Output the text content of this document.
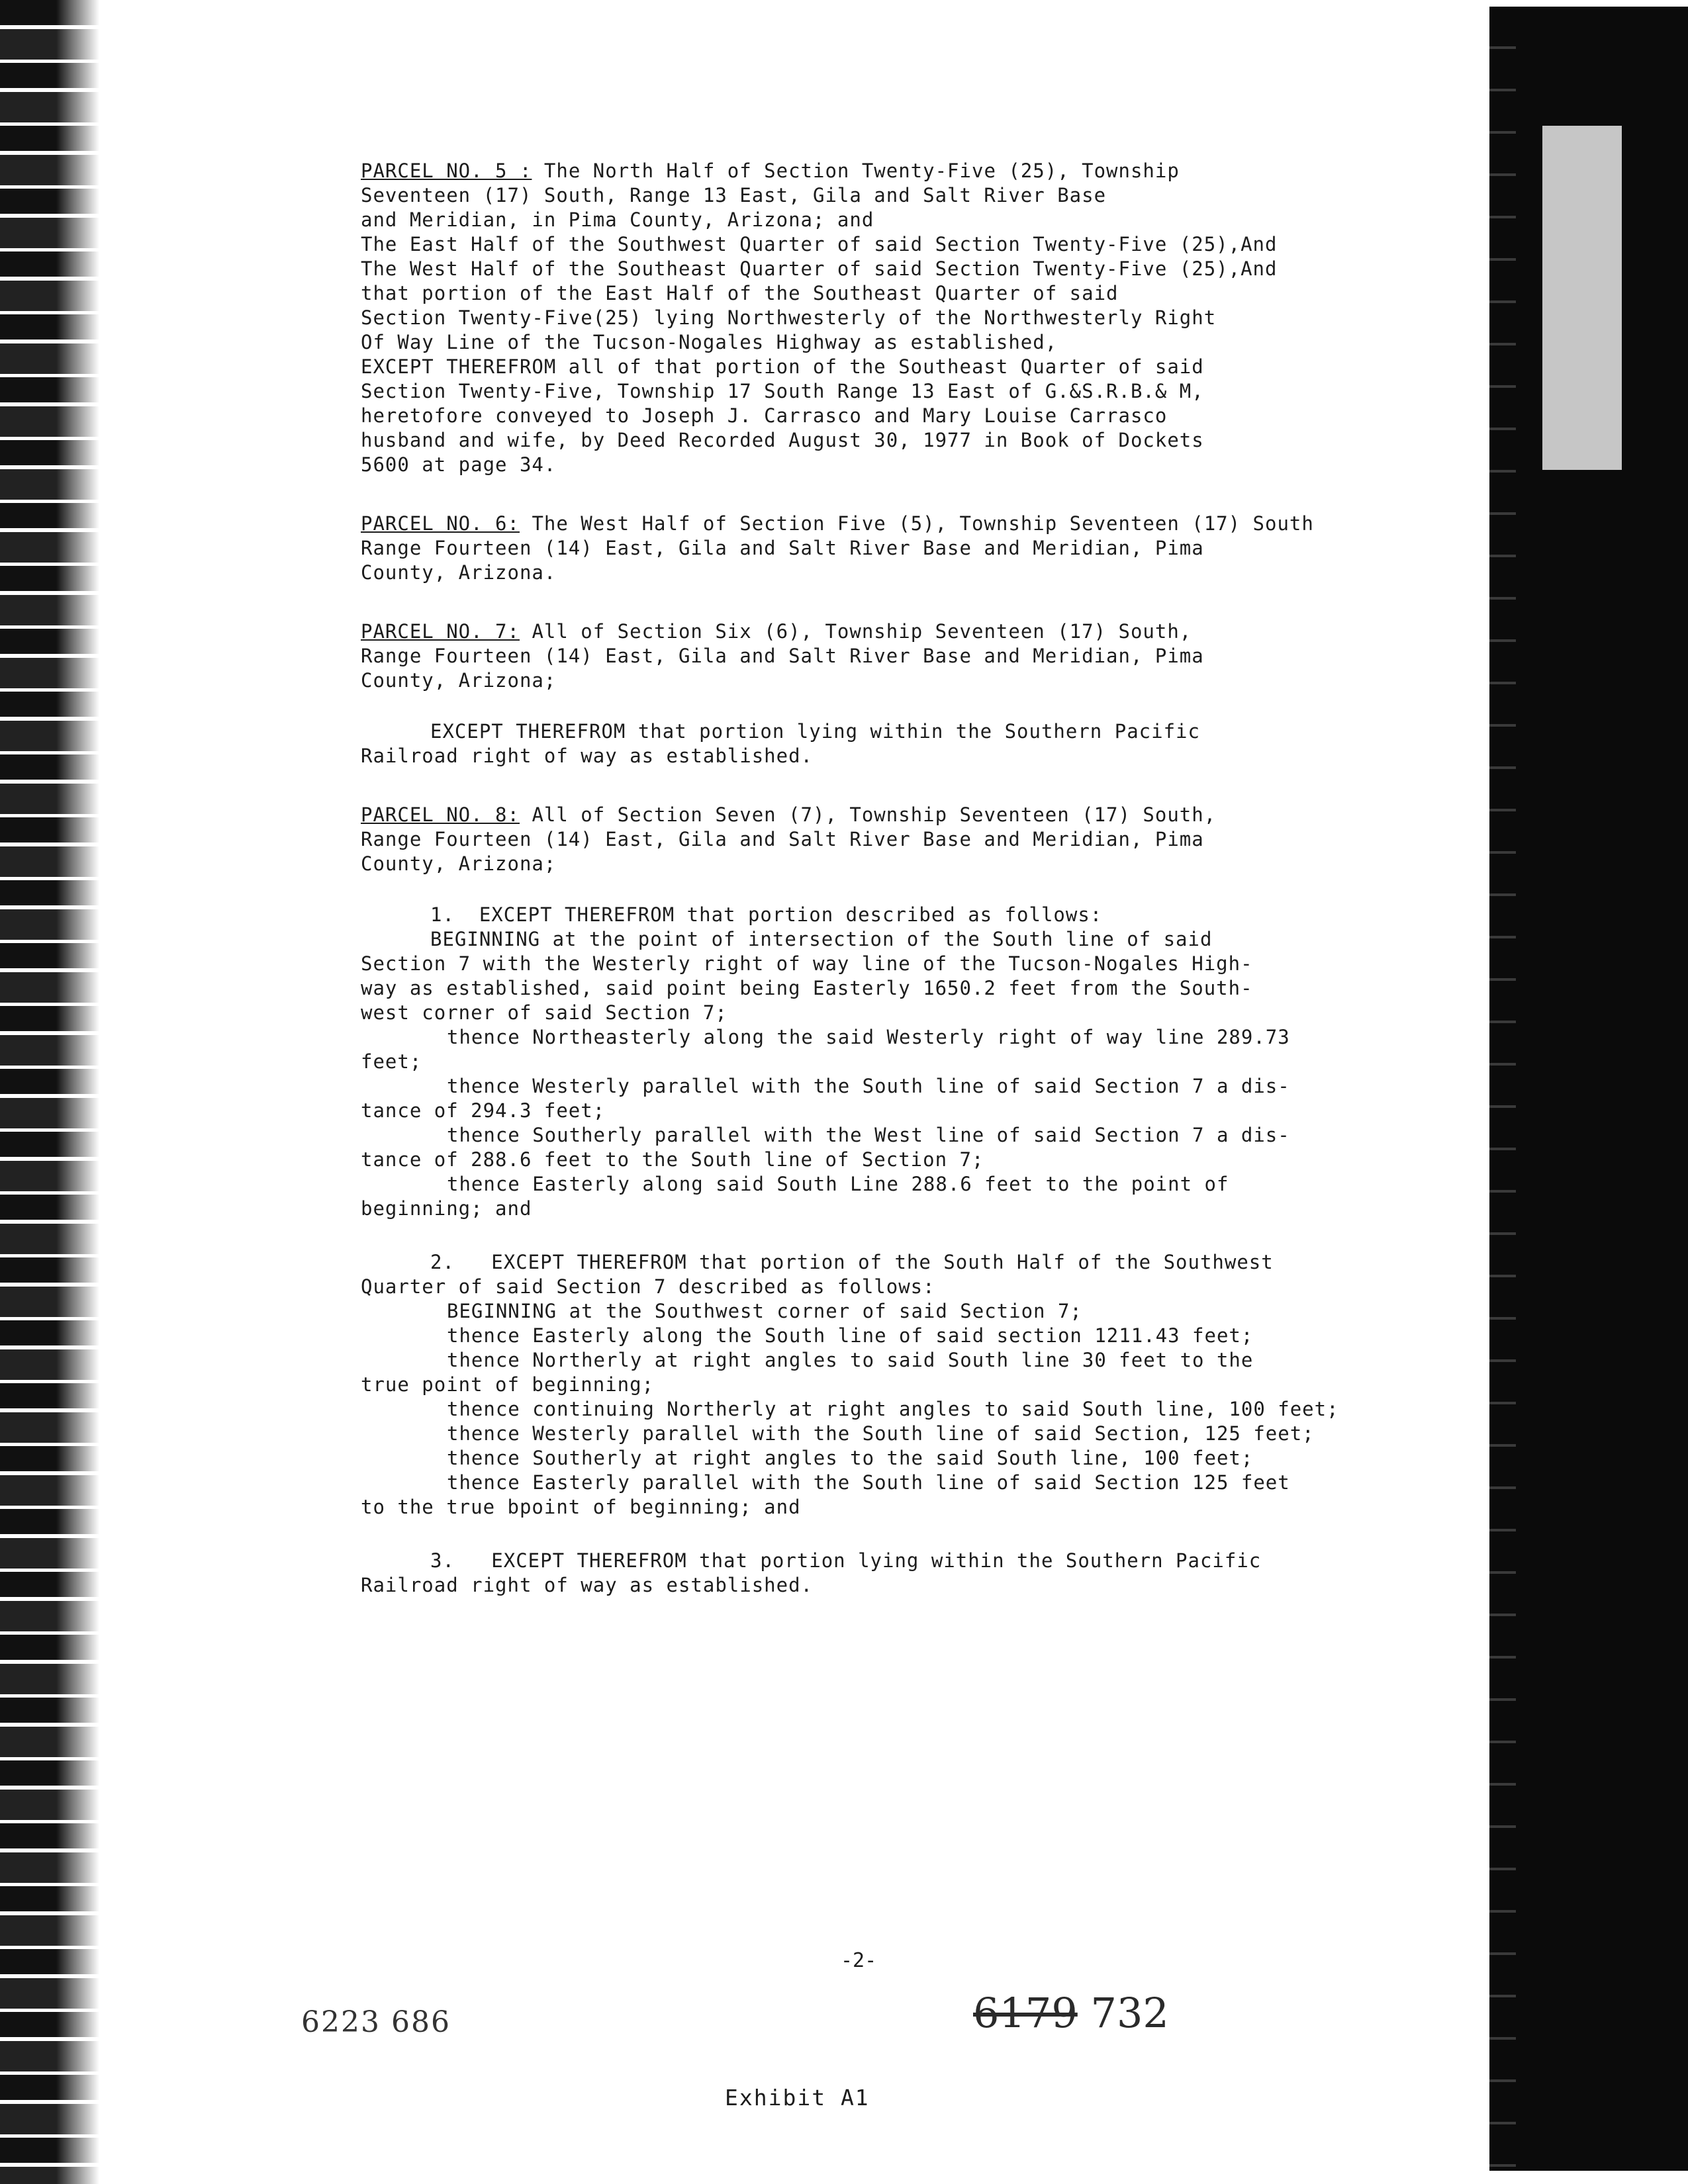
PARCEL NO. 5 : The North Half of Section Twenty-Five (25), Township
Seventeen (17) South, Range 13 East, Gila and Salt River Base
and Meridian, in Pima County, Arizona; and
The East Half of the Southwest Quarter of said Section Twenty-Five (25),And
The West Half of the Southeast Quarter of said Section Twenty-Five (25),And
that portion of the East Half of the Southeast Quarter of said
Section Twenty-Five(25) lying Northwesterly of the Northwesterly Right
Of Way Line of the Tucson-Nogales Highway as established,
EXCEPT THEREFROM all of that portion of the Southeast Quarter of said
Section Twenty-Five, Township 17 South Range 13 East of G.&S.R.B.& M,
heretofore conveyed to Joseph J. Carrasco and Mary Louise Carrasco
husband and wife, by Deed Recorded August 30, 1977 in Book of Dockets
5600 at page 34.
PARCEL NO. 6: The West Half of Section Five (5), Township Seventeen (17) South
Range Fourteen (14) East, Gila and Salt River Base and Meridian, Pima
County, Arizona.
PARCEL NO. 7: All of Section Six (6), Township Seventeen (17) South,
Range Fourteen (14) East, Gila and Salt River Base and Meridian, Pima
County, Arizona;
EXCEPT THEREFROM that portion lying within the Southern Pacific
Railroad right of way as established.
PARCEL NO. 8: All of Section Seven (7), Township Seventeen (17) South,
Range Fourteen (14) East, Gila and Salt River Base and Meridian, Pima
County, Arizona;
1.  EXCEPT THEREFROM that portion described as follows:
BEGINNING at the point of intersection of the South line of said
Section 7 with the Westerly right of way line of the Tucson-Nogales High-
way as established, said point being Easterly 1650.2 feet from the South-
west corner of said Section 7;
thence Northeasterly along the said Westerly right of way line 289.73
feet;
thence Westerly parallel with the South line of said Section 7 a dis-
tance of 294.3 feet;
thence Southerly parallel with the West line of said Section 7 a dis-
tance of 288.6 feet to the South line of Section 7;
thence Easterly along said South Line 288.6 feet to the point of
beginning; and
2.   EXCEPT THEREFROM that portion of the South Half of the Southwest
Quarter of said Section 7 described as follows:
BEGINNING at the Southwest corner of said Section 7;
thence Easterly along the South line of said section 1211.43 feet;
thence Northerly at right angles to said South line 30 feet to the
true point of beginning;
thence continuing Northerly at right angles to said South line, 100 feet;
thence Westerly parallel with the South line of said Section, 125 feet;
thence Southerly at right angles to the said South line, 100 feet;
thence Easterly parallel with the South line of said Section 125 feet
to the true bpoint of beginning; and
3.   EXCEPT THEREFROM that portion lying within the Southern Pacific
Railroad right of way as established.
-2-
6223 686	6179 732
Exhibit A1
